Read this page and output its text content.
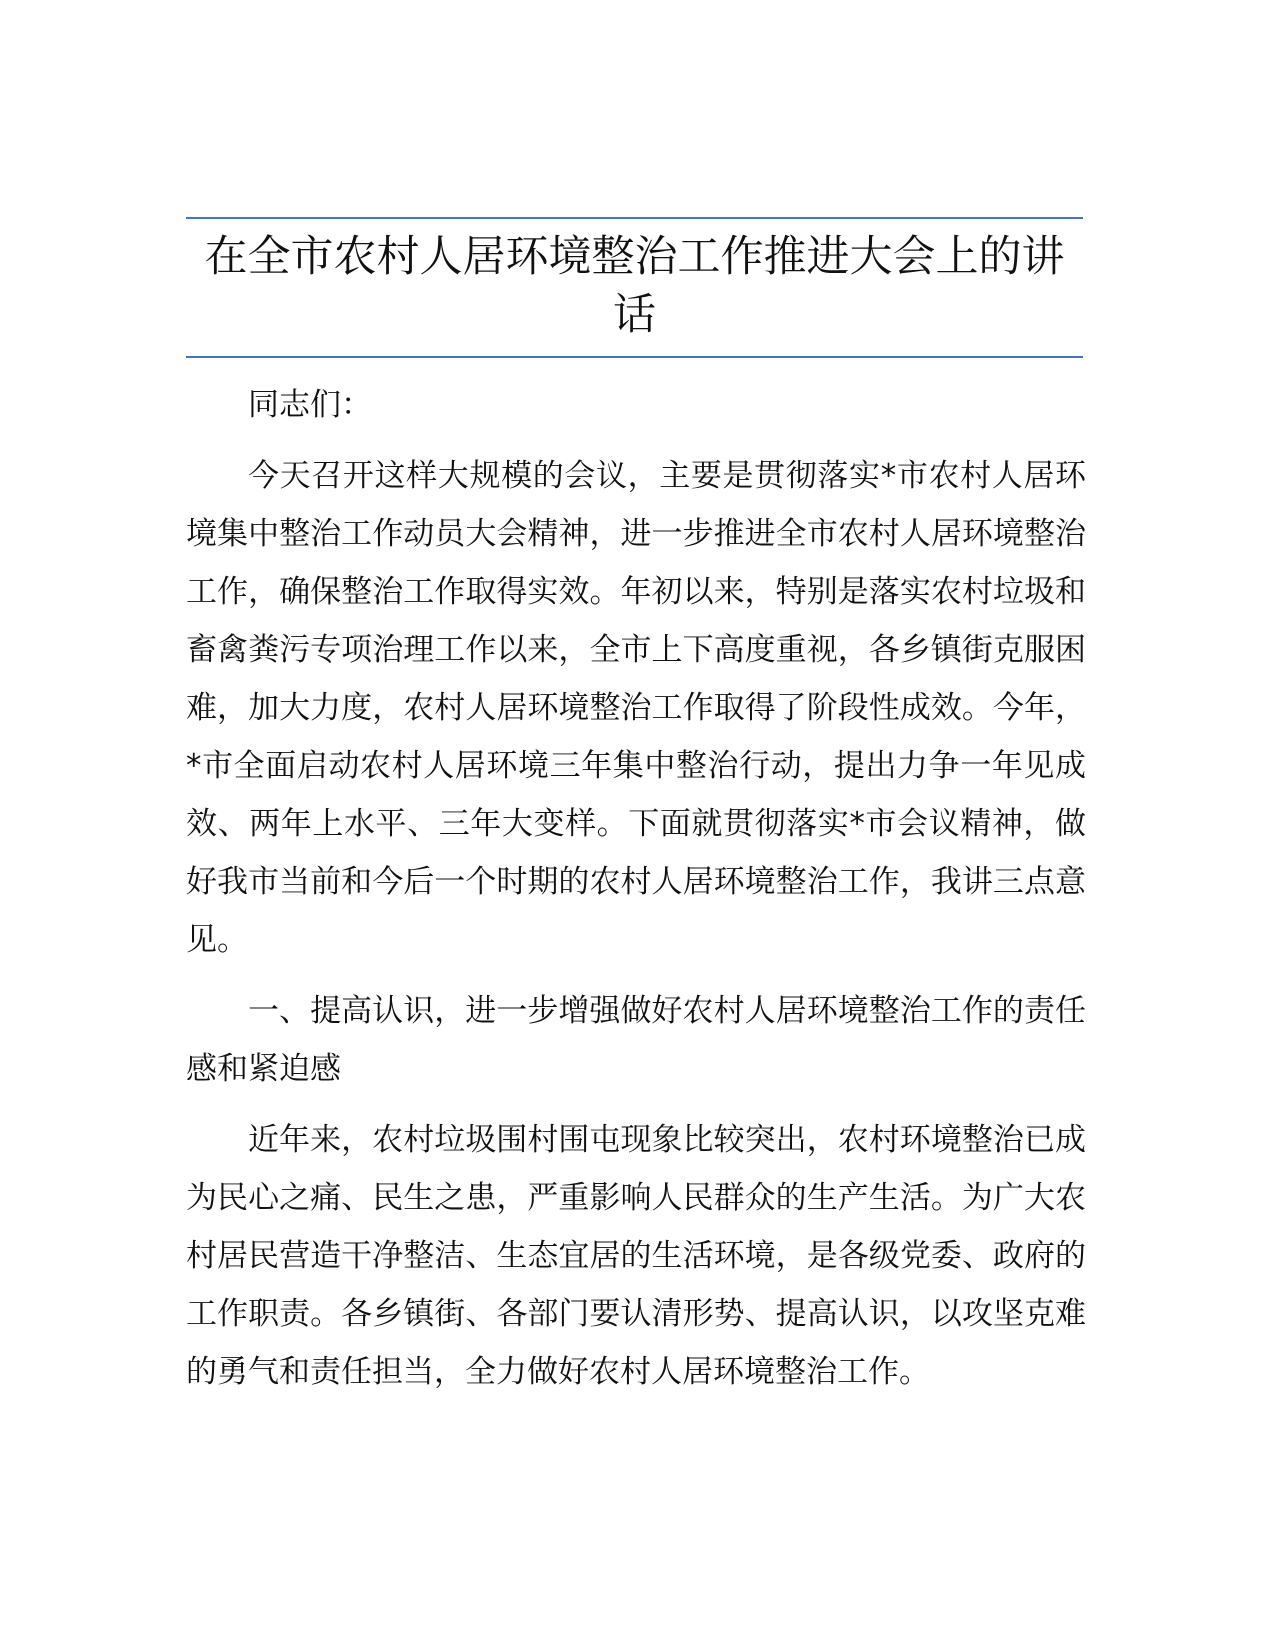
在全市农村人居环境整治工作推进大会上的讲话

同志们：

今天召开这样大规模的会议，主要是贯彻落实*市农村人居环境集中整治工作动员大会精神，进一步推进全市农村人居环境整治工作，确保整治工作取得实效。年初以来，特别是落实农村垃圾和畜禽粪污专项治理工作以来，全市上下高度重视，各乡镇街克服困难，加大力度，农村人居环境整治工作取得了阶段性成效。今年，*市全面启动农村人居环境三年集中整治行动，提出力争一年见成效、两年上水平、三年大变样。下面就贯彻落实*市会议精神，做好我市当前和今后一个时期的农村人居环境整治工作，我讲三点意见。

一、提高认识，进一步增强做好农村人居环境整治工作的责任感和紧迫感

近年来，农村垃圾围村围屯现象比较突出，农村环境整治已成为民心之痛、民生之患，严重影响人民群众的生产生活。为广大农村居民营造干净整洁、生态宜居的生活环境，是各级党委、政府的工作职责。各乡镇街、各部门要认清形势、提高认识，以攻坚克难的勇气和责任担当，全力做好农村人居环境整治工作。
